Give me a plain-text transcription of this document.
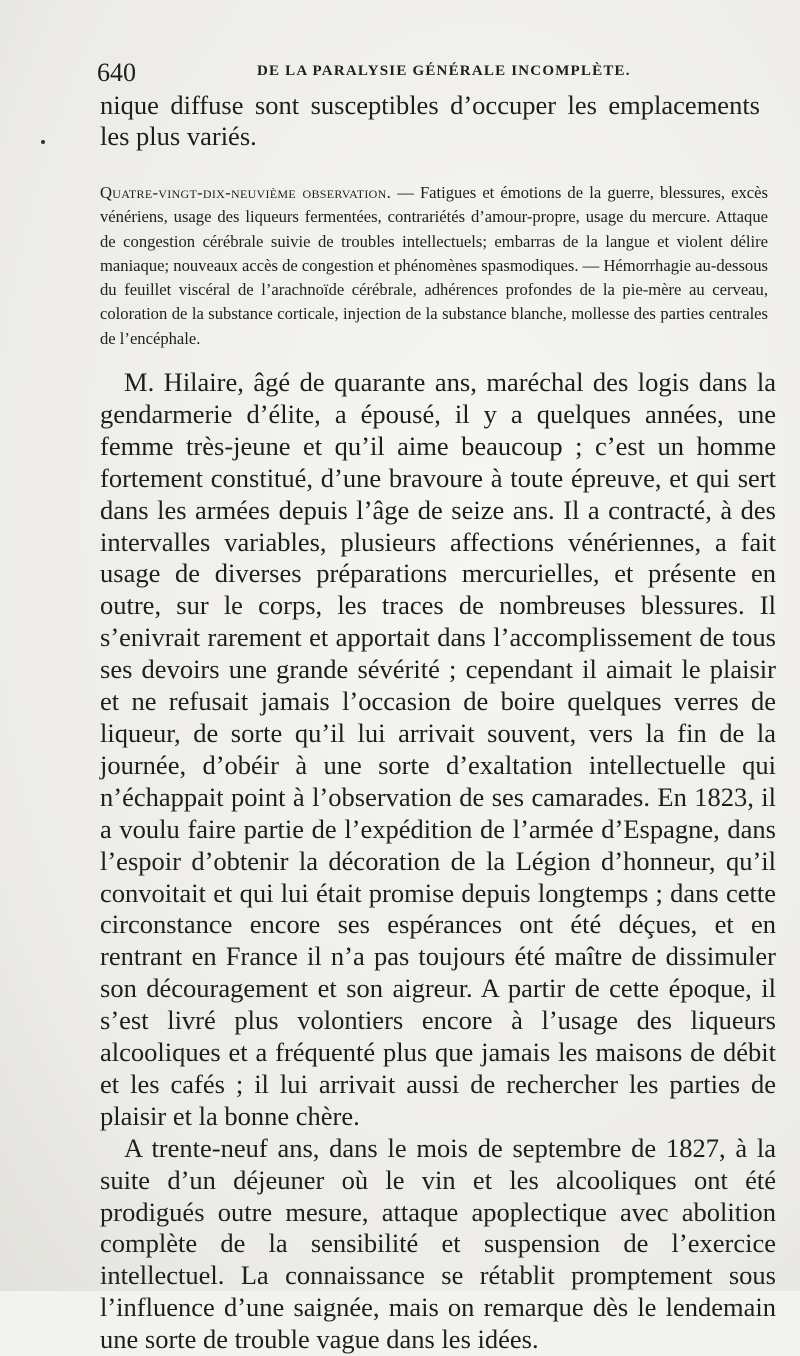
640	DE LA PARALYSIE GÉNÉRALE INCOMPLÈTE.

nique diffuse sont susceptibles d’occuper les emplacements les plus variés.

Quatre-vingt-dix-neuvième observation. — Fatigues et émotions de la guerre, blessures, excès vénériens, usage des liqueurs fermentées, contrariétés d’amour-propre, usage du mercure. Attaque de congestion cérébrale suivie de troubles intellectuels; embarras de la langue et violent délire maniaque; nouveaux accès de congestion et phénomènes spasmodiques. — Hémorrhagie au-dessous du feuillet viscéral de l’arachnoïde cérébrale, adhérences profondes de la pie-mère au cerveau, coloration de la substance corticale, injection de la substance blanche, mollesse des parties centrales de l’encéphale.

M. Hilaire, âgé de quarante ans, maréchal des logis dans la gendarmerie d’élite, a épousé, il y a quelques années, une femme très-jeune et qu’il aime beaucoup ; c’est un homme fortement constitué, d’une bravoure à toute épreuve, et qui sert dans les armées depuis l’âge de seize ans. Il a contracté, à des intervalles variables, plusieurs affections vénériennes, a fait usage de diverses préparations mercurielles, et présente en outre, sur le corps, les traces de nombreuses blessures. Il s’enivrait rarement et apportait dans l’accomplissement de tous ses devoirs une grande sévérité ; cependant il aimait le plaisir et ne refusait jamais l’occasion de boire quelques verres de liqueur, de sorte qu’il lui arrivait souvent, vers la fin de la journée, d’obéir à une sorte d’exaltation intellectuelle qui n’échappait point à l’observation de ses camarades. En 1823, il a voulu faire partie de l’expédition de l’armée d’Espagne, dans l’espoir d’obtenir la décoration de la Légion d’honneur, qu’il convoitait et qui lui était promise depuis longtemps ; dans cette circonstance encore ses espérances ont été déçues, et en rentrant en France il n’a pas toujours été maître de dissimuler son découragement et son aigreur. A partir de cette époque, il s’est livré plus volontiers encore à l’usage des liqueurs alcooliques et a fréquenté plus que jamais les maisons de débit et les cafés ; il lui arrivait aussi de rechercher les parties de plaisir et la bonne chère.

A trente-neuf ans, dans le mois de septembre de 1827, à la suite d’un déjeuner où le vin et les alcooliques ont été prodigués outre mesure, attaque apoplectique avec abolition complète de la sensibilité et suspension de l’exercice intellectuel. La connaissance se rétablit promptement sous l’influence d’une saignée, mais on remarque dès le lendemain une sorte de trouble vague dans les idées.
